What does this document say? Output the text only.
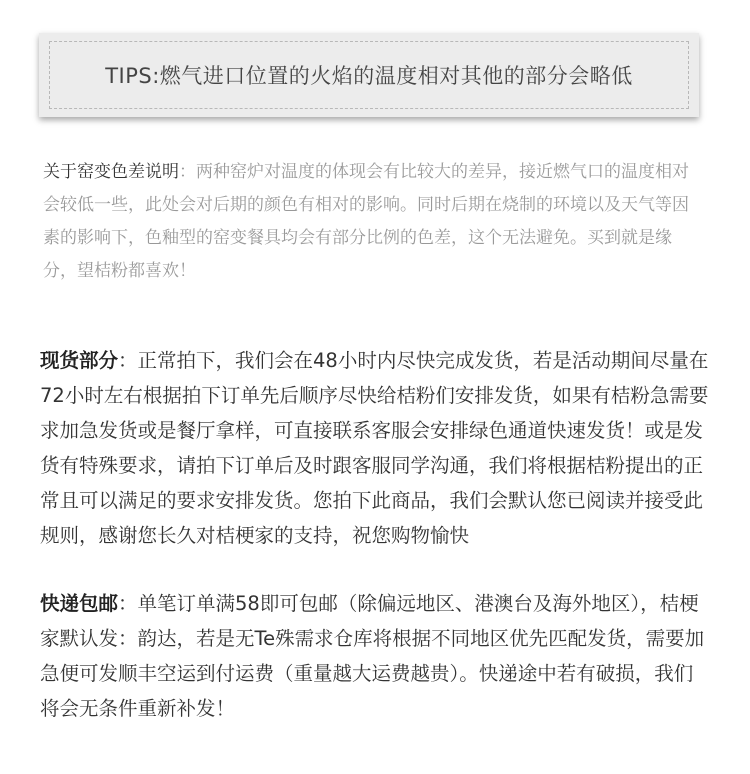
TIPS:燃气进口位置的火焰的温度相对其他的部分会略低
关于窑变色差说明：两种窑炉对温度的体现会有比较大的差异，接近燃气口的温度相对会较低一些，此处会对后期的颜色有相对的影响。同时后期在烧制的环境以及天气等因素的影响下，色釉型的窑变餐具均会有部分比例的色差，这个无法避免。买到就是缘分，望桔粉都喜欢！
现货部分：正常拍下，我们会在48小时内尽快完成发货，若是活动期间尽量在72小时左右根据拍下订单先后顺序尽快给桔粉们安排发货，如果有桔粉急需要求加急发货或是餐厅拿样，可直接联系客服会安排绿色通道快速发货！或是发货有特殊要求，请拍下订单后及时跟客服同学沟通，我们将根据桔粉提出的正常且可以满足的要求安排发货。您拍下此商品，我们会默认您已阅读并接受此规则，感谢您长久对桔梗家的支持，祝您购物愉快
快递包邮：单笔订单满58即可包邮（除偏远地区、港澳台及海外地区），桔梗家默认发：韵达，若是无Te殊需求仓库将根据不同地区优先匹配发货，需要加急便可发顺丰空运到付运费（重量越大运费越贵）。快递途中若有破损，我们将会无条件重新补发！
